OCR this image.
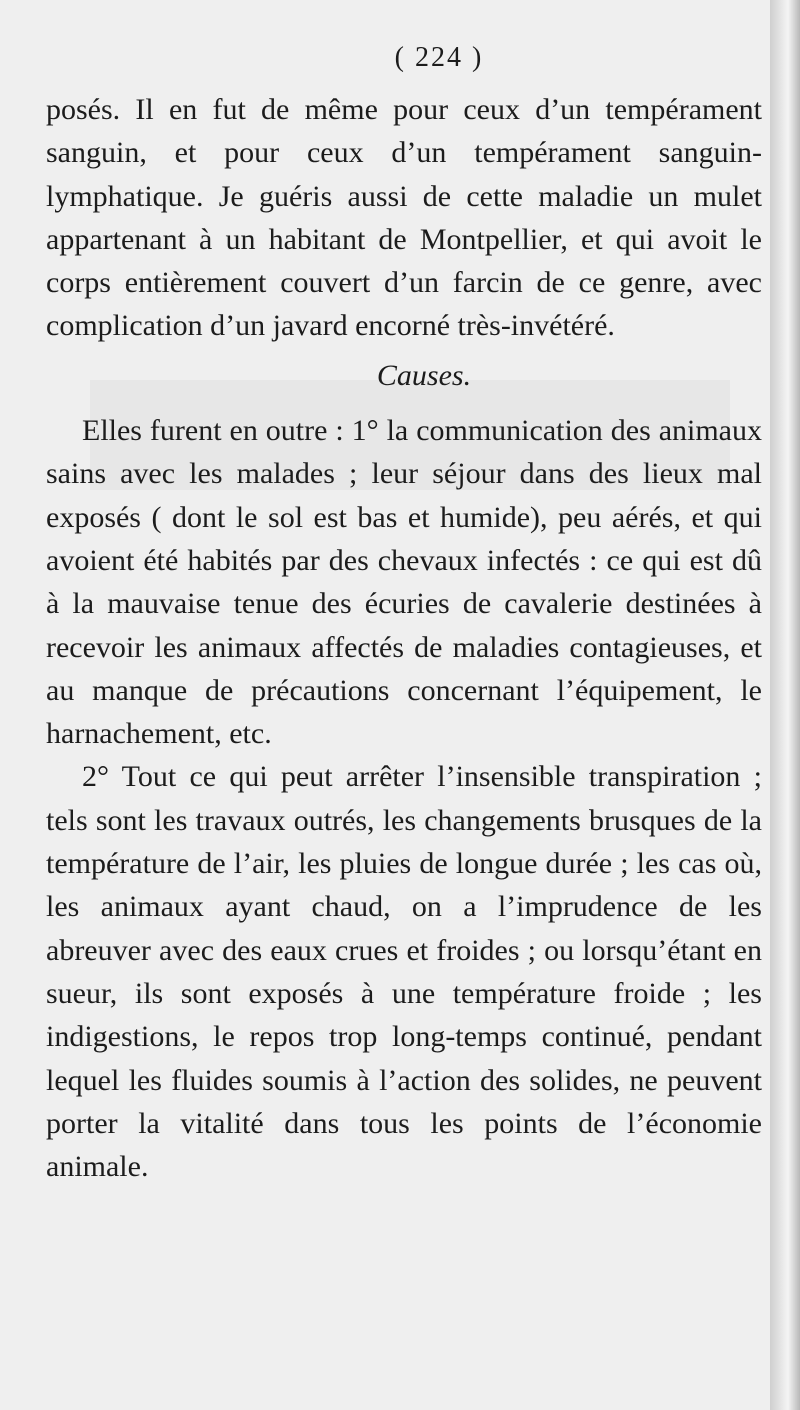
( 224 )

posés. Il en fut de même pour ceux d’un tempérament sanguin, et pour ceux d’un tempérament sanguin-lymphatique. Je guéris aussi de cette maladie un mulet appartenant à un habitant de Montpellier, et qui avoit le corps entièrement couvert d’un farcin de ce genre, avec complication d’un javard encorné très-invétéré.

Causes.

Elles furent en outre : 1° la communication des animaux sains avec les malades ; leur séjour dans des lieux mal exposés ( dont le sol est bas et humide), peu aérés, et qui avoient été habités par des chevaux infectés : ce qui est dû à la mauvaise tenue des écuries de cavalerie destinées à recevoir les animaux affectés de maladies contagieuses, et au manque de précautions concernant l’équipement, le harnachement, etc.

2° Tout ce qui peut arrêter l’insensible transpiration ; tels sont les travaux outrés, les changements brusques de la température de l’air, les pluies de longue durée ; les cas où, les animaux ayant chaud, on a l’imprudence de les abreuver avec des eaux crues et froides ; ou lorsqu’étant en sueur, ils sont exposés à une température froide ; les indigestions, le repos trop long-temps continué, pendant lequel les fluides soumis à l’action des solides, ne peuvent porter la vitalité dans tous les points de l’économie animale.
